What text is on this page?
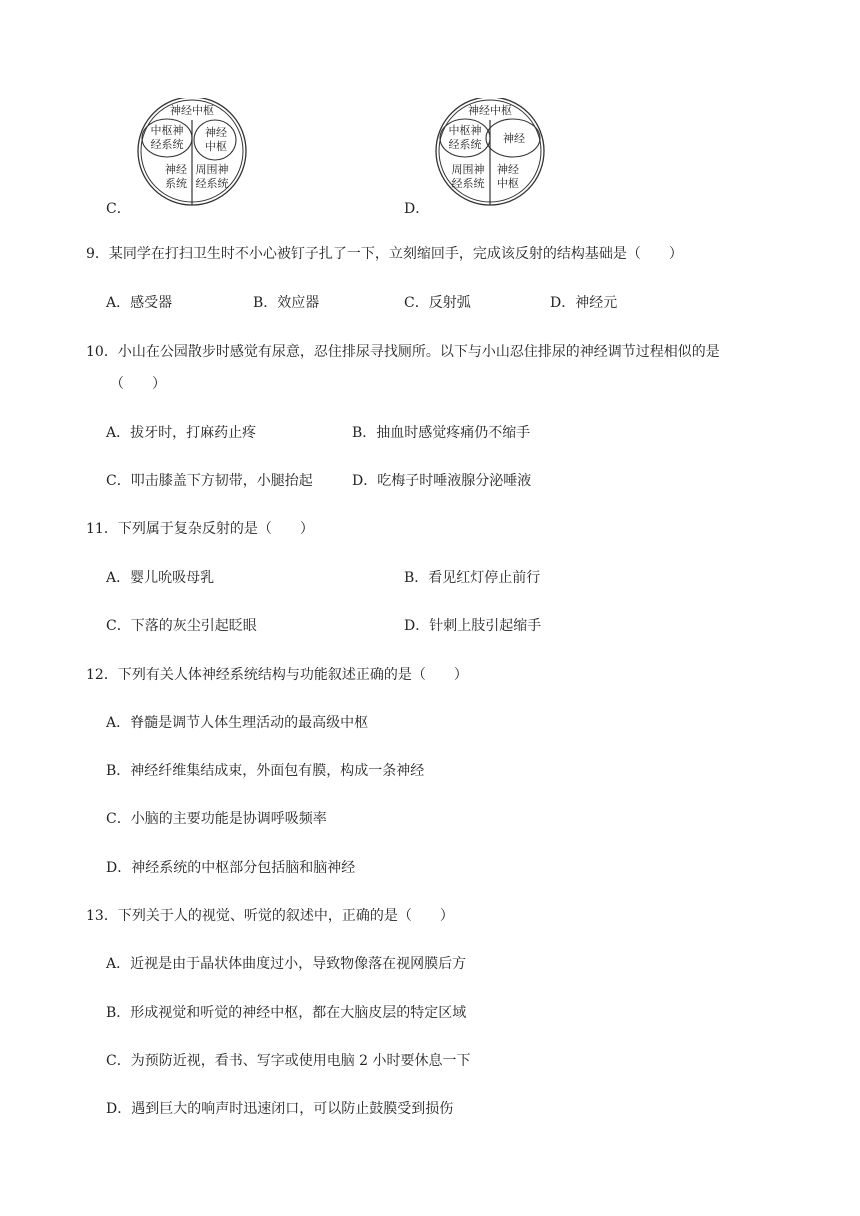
神经中枢
中枢神
经系统
神经
中枢
神经
系统
周围神
经系统
C．
神经中枢
中枢神
经系统 神经
周围神
经系统
神经
中枢
D．
9．某同学在打扫卫生时不小心被钉子扎了一下，立刻缩回手，完成该反射的结构基础是（　　）
A．感受器	B．效应器	C．反射弧	D．神经元
10．小山在公园散步时感觉有尿意，忍住排尿寻找厕所。以下与小山忍住排尿的神经调节过程相似的是
（　　）
A．拔牙时，打麻药止疼	B．抽血时感觉疼痛仍不缩手
C．叩击膝盖下方韧带，小腿抬起	D．吃梅子时唾液腺分泌唾液
11．下列属于复杂反射的是（　　）
A．婴儿吮吸母乳	B．看见红灯停止前行
C．下落的灰尘引起眨眼	D．针刺上肢引起缩手
12．下列有关人体神经系统结构与功能叙述正确的是（　　）
A．脊髓是调节人体生理活动的最高级中枢
B．神经纤维集结成束，外面包有膜，构成一条神经
C．小脑的主要功能是协调呼吸频率
D．神经系统的中枢部分包括脑和脑神经
13．下列关于人的视觉、听觉的叙述中，正确的是（　　）
A．近视是由于晶状体曲度过小，导致物像落在视网膜后方
B．形成视觉和听觉的神经中枢，都在大脑皮层的特定区域
C．为预防近视，看书、写字或使用电脑 2 小时要休息一下
D．遇到巨大的响声时迅速闭口，可以防止鼓膜受到损伤
